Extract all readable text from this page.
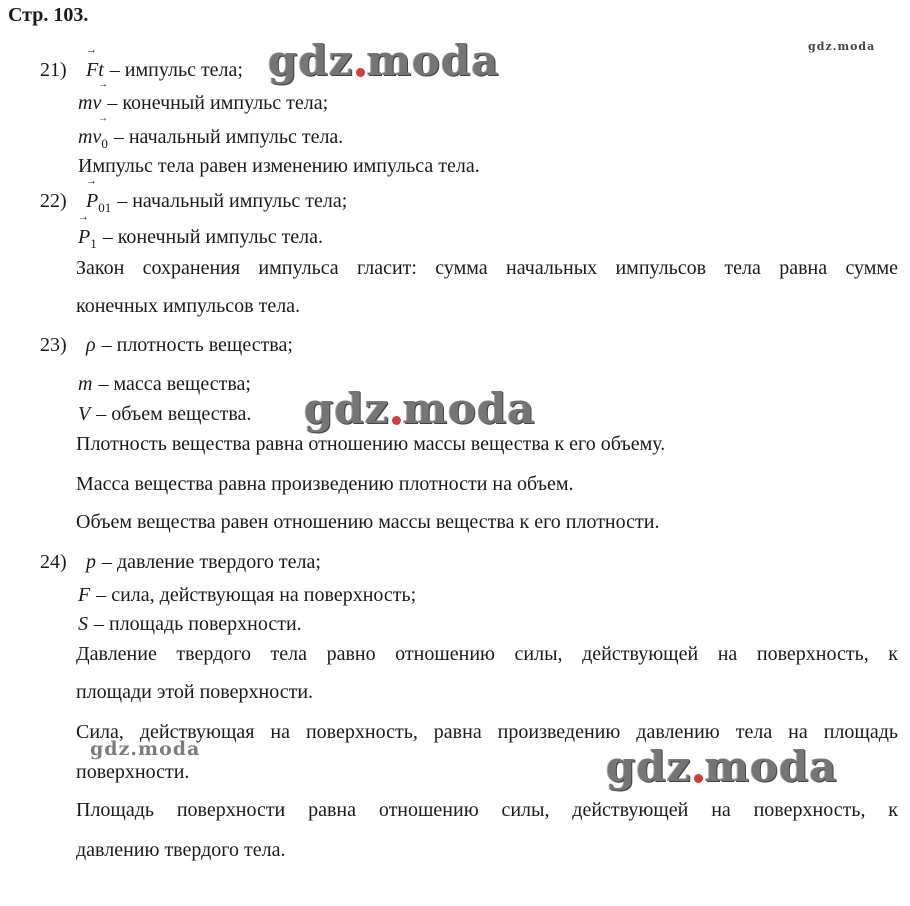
Стр. 103.
gdz.moda
21) → Ft – импульс тела; gdz moda
→ mv – конечный импульс тела;
→ $mv_0$ – начальный импульс тела.
Импульс тела равен изменению импульса тела.
$22) \to P_{01}$ – начальный импульс тела;
→ $P_1$ – конечный импульс тела.
Закон сохранения импульса гласит: сумма начальных импульсов тела равна сумме
конечных импульсов тела.
23) ρ – плотность вещества;
m – масса вещества;
V – объем вещества. gdz moda
Плотность вещества равна отношению массы вещества к его объему.
Масса вещества равна произведению плотности на объем.
Объем вещества равен отношению массы вещества к его плотности.
24) p – давление твердого тела;
F – сила, действующая на поверхность;
S – площадь поверхности.
Давление твердого тела равно отношению силы, действующей на поверхность, к
площади этой поверхности.
Сила, действующая на поверхность, равна произведению давлению тела на площадь
gdz.moda
поверхности.	gdz moda
Площадь поверхности равна отношению силы, действующей на поверхность, к
давлению твердого тела.
